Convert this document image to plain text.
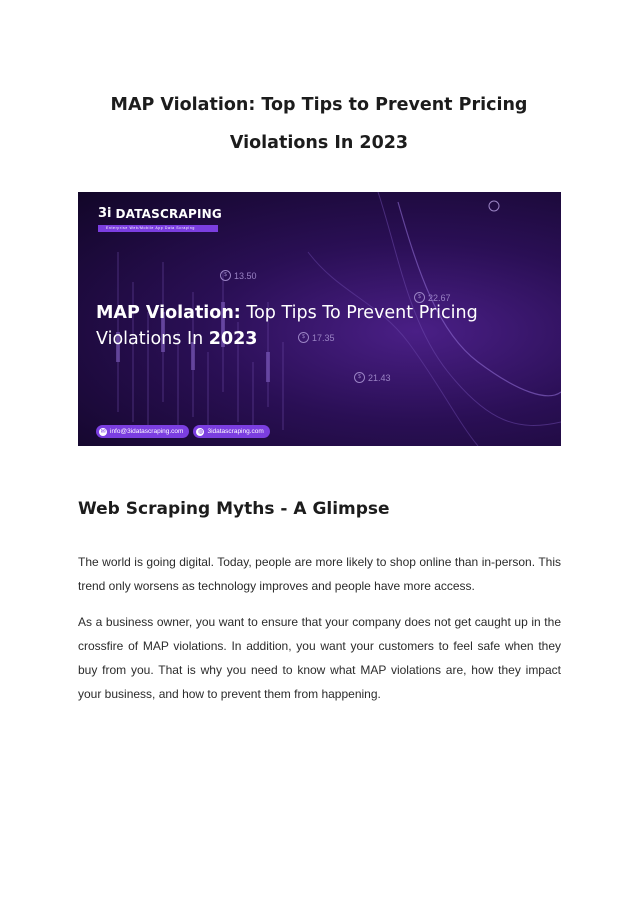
MAP Violation: Top Tips to Prevent Pricing Violations In 2023
3i DATASCRAPING
Enterprise Web/Mobile App Data Scraping
$ 13.50
$ 22.67
$ 17.35
$ 21.43
MAP Violation: Top Tips To Prevent Pricing
Violations In 2023
✉ info@3idatascraping.com ◍ 3idatascraping.com
Web Scraping Myths - A Glimpse

The world is going digital. Today, people are more likely to shop online than in-person. This trend only worsens as technology improves and people have more access.

As a business owner, you want to ensure that your company does not get caught up in the crossfire of MAP violations. In addition, you want your customers to feel safe when they buy from you. That is why you need to know what MAP violations are, how they impact your business, and how to prevent them from happening.
